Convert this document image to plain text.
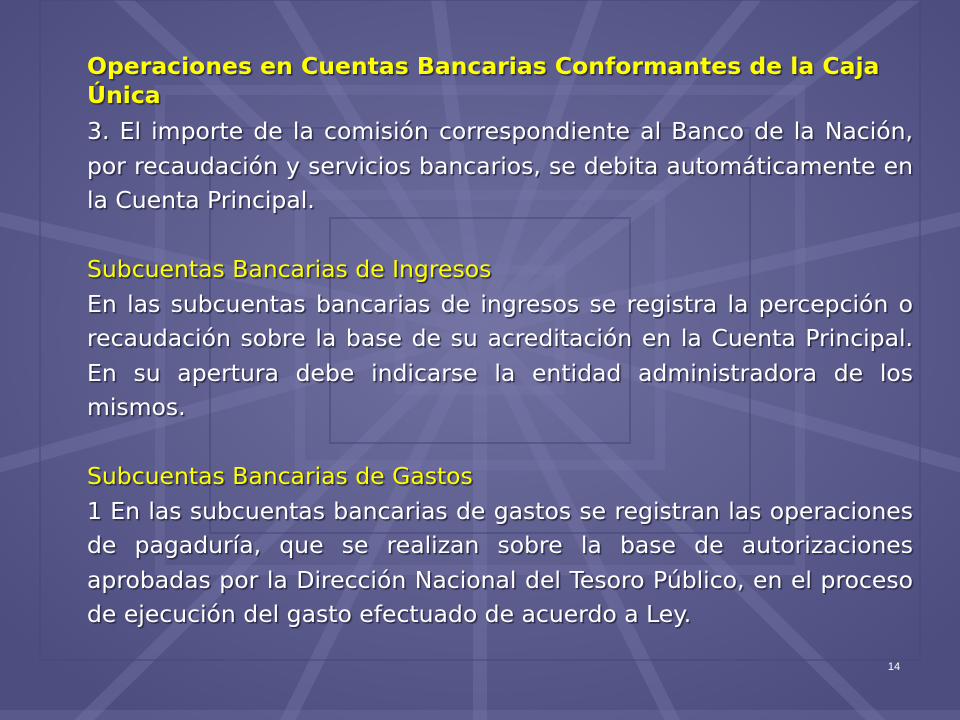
Operaciones en Cuentas Bancarias Conformantes de la Caja Única

3. El importe de la comisión correspondiente al Banco de la Nación, por recaudación y servicios bancarios, se debita automáticamente en la Cuenta Principal.

Subcuentas Bancarias de Ingresos

En las subcuentas bancarias de ingresos se registra la percepción o recaudación sobre la base de su acreditación en la Cuenta Principal. En su apertura debe indicarse la entidad administradora de los mismos.

Subcuentas Bancarias de Gastos

1 En las subcuentas bancarias de gastos se registran las operaciones de pagaduría, que se realizan sobre la base de autorizaciones aprobadas por la Dirección Nacional del Tesoro Público, en el proceso de ejecución del gasto efectuado de acuerdo a Ley.

14
